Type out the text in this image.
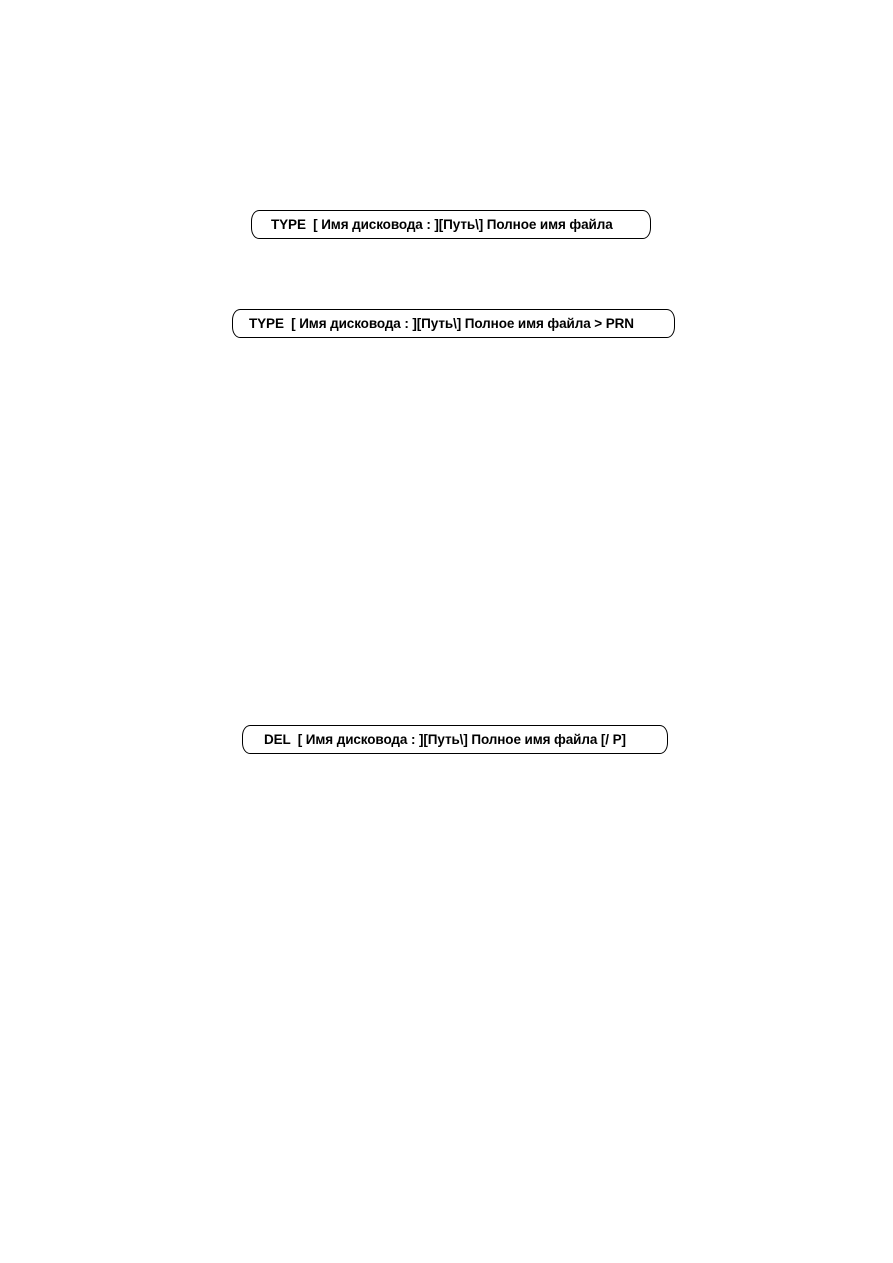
TYPE  [ Имя дисковода : ][Путь\] Полное имя файла
TYPE  [ Имя дисковода : ][Путь\] Полное имя файла > PRN
DEL  [ Имя дисковода : ][Путь\] Полное имя файла [/ P]
